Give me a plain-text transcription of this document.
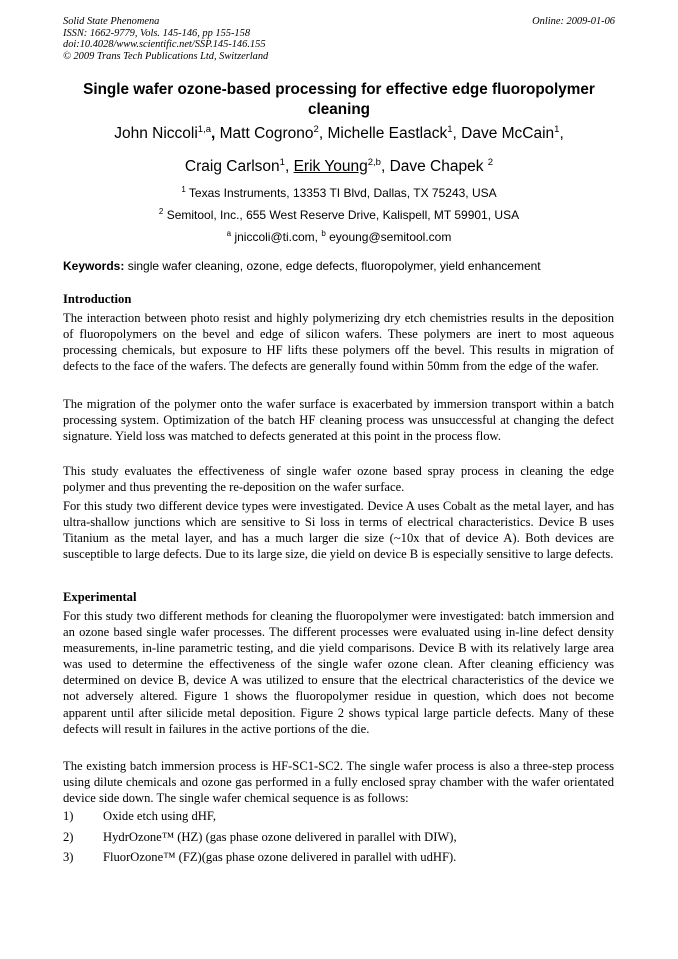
Solid State Phenomena
ISSN: 1662-9779, Vols. 145-146, pp 155-158
doi:10.4028/www.scientific.net/SSP.145-146.155
© 2009 Trans Tech Publications Ltd, Switzerland
Online: 2009-01-06
Single wafer ozone-based processing for effective edge fluoropolymer cleaning
John Niccoli$^{1,a}$, Matt Cogrono$^2$, Michelle Eastlack$^1$, Dave McCain$^1$,
Craig Carlson$^1$, Erik Young$^{2,b}$, Dave Chapek $^2$
$^1$ Texas Instruments, 13353 TI Blvd, Dallas, TX 75243, USA
$^2$ Semitool, Inc., 655 West Reserve Drive, Kalispell, MT 59901, USA
$^a$ jniccoli@ti.com, $^b$ eyoung@semitool.com
Keywords: single wafer cleaning, ozone, edge defects, fluoropolymer, yield enhancement
Introduction
The interaction between photo resist and highly polymerizing dry etch chemistries results in the deposition of fluoropolymers on the bevel and edge of silicon wafers. These polymers are inert to most aqueous processing chemicals, but exposure to HF lifts these polymers off the bevel. This results in migration of defects to the face of the wafers. The defects are generally found within 50mm from the edge of the wafer.
The migration of the polymer onto the wafer surface is exacerbated by immersion transport within a batch processing system. Optimization of the batch HF cleaning process was unsuccessful at changing the defect signature. Yield loss was matched to defects generated at this point in the process flow.
This study evaluates the effectiveness of single wafer ozone based spray process in cleaning the edge polymer and thus preventing the re-deposition on the wafer surface.
For this study two different device types were investigated. Device A uses Cobalt as the metal layer, and has ultra-shallow junctions which are sensitive to Si loss in terms of electrical characteristics. Device B uses Titanium as the metal layer, and has a much larger die size (~10x that of device A). Both devices are susceptible to large defects. Due to its large size, die yield on device B is especially sensitive to large defects.
Experimental
For this study two different methods for cleaning the fluoropolymer were investigated: batch immersion and an ozone based single wafer processes. The different processes were evaluated using in-line defect density measurements, in-line parametric testing, and die yield comparisons. Device B with its relatively large area was used to determine the effectiveness of the single wafer ozone clean. After cleaning efficiency was determined on device B, device A was utilized to ensure that the electrical characteristics of the device we not adversely altered. Figure 1 shows the fluoropolymer residue in question, which does not become apparent until after silicide metal deposition. Figure 2 shows typical large particle defects. Many of these defects will result in failures in the active portions of the die.
The existing batch immersion process is HF-SC1-SC2. The single wafer process is also a three-step process using dilute chemicals and ozone gas performed in a fully enclosed spray chamber with the wafer orientated device side down. The single wafer chemical sequence is as follows:
1) Oxide etch using dHF,
2) HydrOzone™ (HZ) (gas phase ozone delivered in parallel with DIW),
3) FluorOzone™ (FZ)(gas phase ozone delivered in parallel with udHF).
